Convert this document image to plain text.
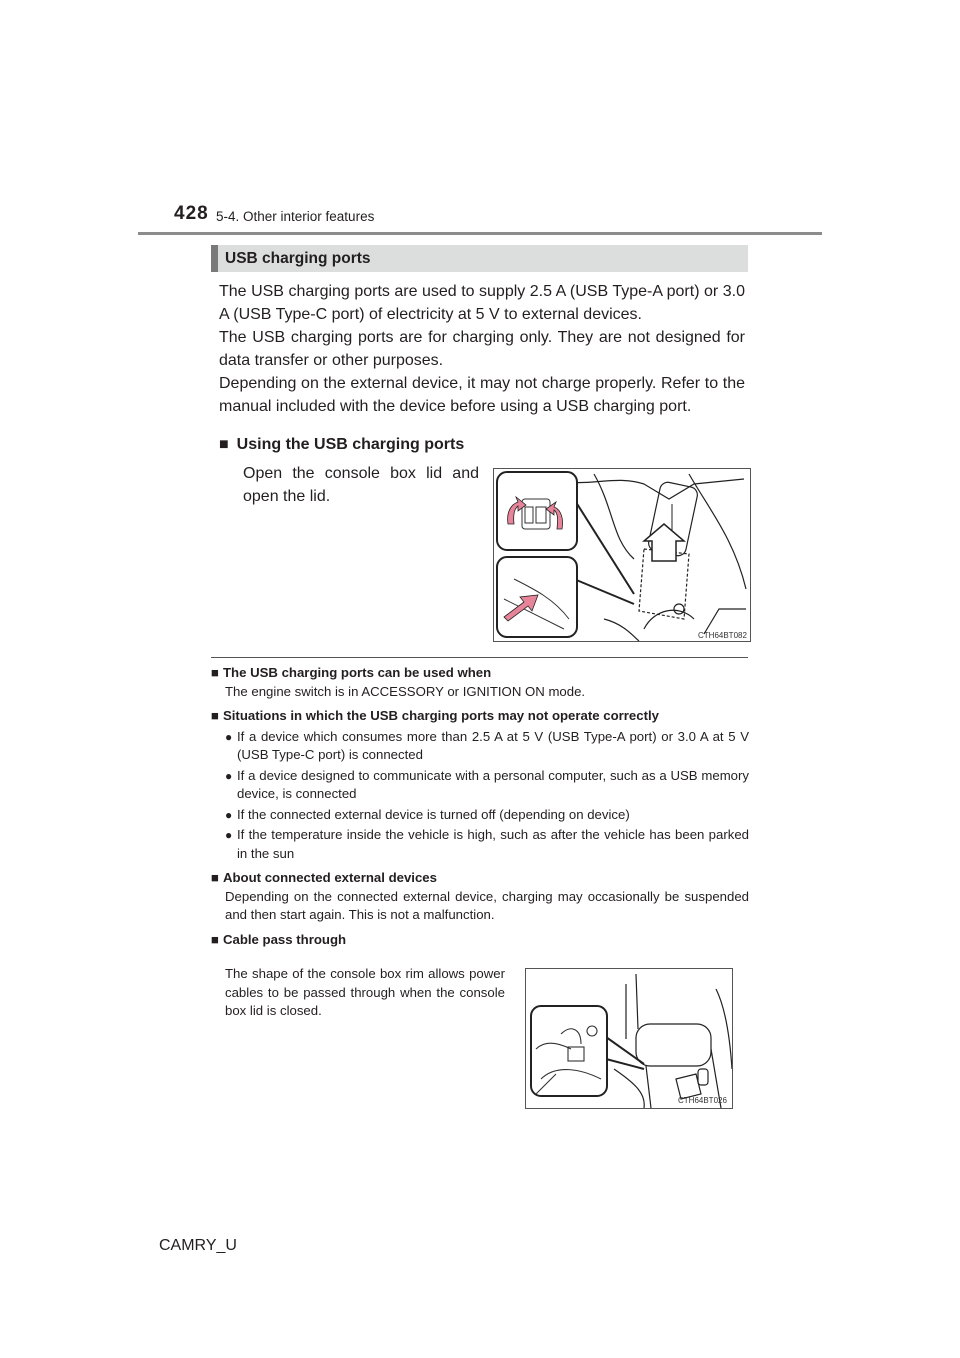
428 5-4. Other interior features
USB charging ports

The USB charging ports are used to supply 2.5 A (USB Type-A port) or 3.0 A (USB Type-C port) of electricity at 5 V to external devices.

The USB charging ports are for charging only. They are not designed for data transfer or other purposes.

Depending on the external device, it may not charge properly. Refer to the manual included with the device before using a USB charging port.

■ Using the USB charging ports
Open the console box lid and open the lid.
CTH64BT082
■ The USB charging ports can be used when
The engine switch is in ACCESSORY or IGNITION ON mode.
■ Situations in which the USB charging ports may not operate correctly
● If a device which consumes more than 2.5 A at 5 V (USB Type-A port) or 3.0 A at 5 V (USB Type-C port) is connected
● If a device designed to communicate with a personal computer, such as a USB memory device, is connected
● If the connected external device is turned off (depending on device)
● If the temperature inside the vehicle is high, such as after the vehicle has been parked in the sun
■ About connected external devices
Depending on the connected external device, charging may occasionally be suspended and then start again. This is not a malfunction.
■ Cable pass through
The shape of the console box rim allows power cables to be passed through when the console box lid is closed.
CTH64BT026
CAMRY_U
